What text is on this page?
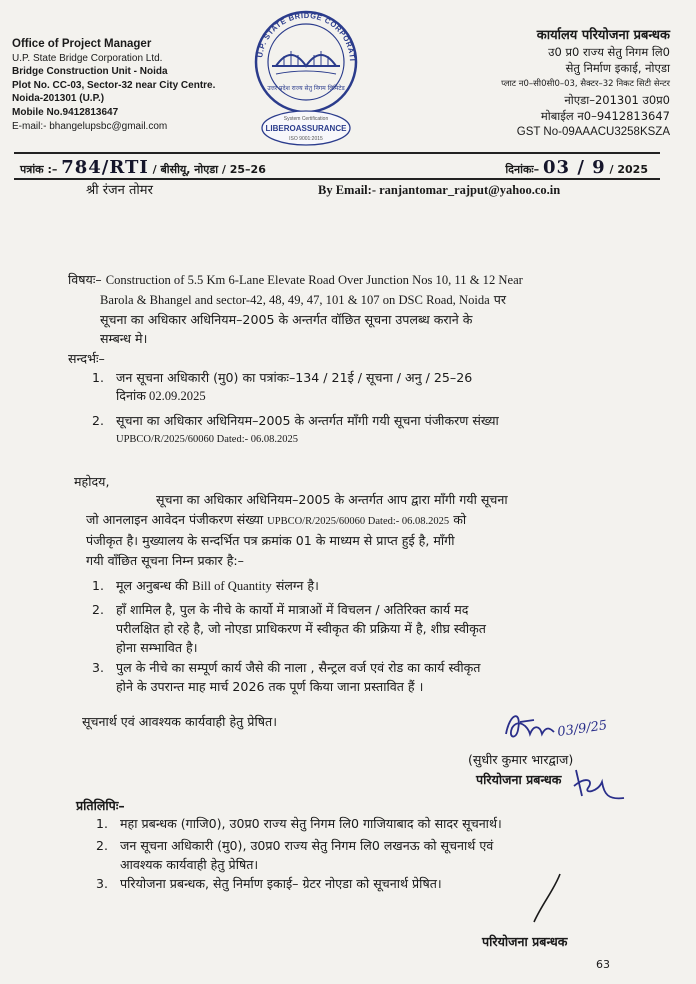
Office of Project Manager
U.P. State Bridge Corporation Ltd.
Bridge Construction Unit - Noida
Plot No. CC-03, Sector-32 near City Centre.
Noida-201301 (U.P.)
Mobile No.9412813647
E-mail:- bhangelupsbc@gmail.com
U.P. STATE BRIDGE CORPORATI
उत्तर प्रदेश राज्य सेतु निगम लिमिटेड
System Certification
LIBEROASSURANCE
ISO 9001:2015
कार्यालय परियोजना प्रबन्धक
उ0 प्र0 राज्य सेतु निगम लि0
सेतु निर्माण इकाई, नोएडा
प्लाट न0–सी0सी0–03, सैक्टर–32 निकट सिटी सेन्टर
नोएडा–201301 उ0प्र0
मोबाईल न0–9412813647
GST No-09AAACU3258KSZA
पत्रांक :– 784/RTI / बीसीयू, नोएडा / 25–26	दिनांकः– 03 / 9 / 2025
श्री रंजन तोमर	By Email:- ranjantomar_rajput@yahoo.co.in
विषयः– Construction of 5.5 Km 6-Lane Elevate Road Over Junction Nos 10, 11 & 12 Near
Barola & Bhangel and sector-42, 48, 49, 47, 101 & 107 on DSC Road, Noida पर
सूचना का अधिकार अधिनियम–2005 के अन्तर्गत वॉछित सूचना उपलब्ध कराने के
सम्बन्ध मे।
सन्दर्भः–
1. जन सूचना अधिकारी (मु0) का पत्रांकः–134 / 21ई / सूचना / अनु / 25–26
दिनांक 02.09.2025
2. सूचना का अधिकार अधिनियम–2005 के अन्तर्गत माँगी गयी सूचना पंजीकरण संख्या
UPBCO/R/2025/60060 Dated:- 06.08.2025
महोदय,
सूचना का अधिकार अधिनियम–2005 के अन्तर्गत आप द्वारा माँगी गयी सूचना
जो आनलाइन आवेदन पंजीकरण संख्या UPBCO/R/2025/60060 Dated:- 06.08.2025 को
पंजीकृत है। मुख्यालय के सन्दर्भित पत्र क्रमांक 01 के माध्यम से प्राप्त हुई है, माँगी
गयी वाँछित सूचना निम्न प्रकार है:–
1. मूल अनुबन्ध की Bill of Quantity संलग्न है।
2. हाँ शामिल है, पुल के नीचे के कार्यो में मात्राओं में विचलन / अतिरिक्त कार्य मद
परीलक्षित हो रहे है, जो नोएडा प्राधिकरण में स्वीकृत की प्रक्रिया में है, शीघ्र स्वीकृत
होना सम्भावित है।
3. पुल के नीचे का सम्पूर्ण कार्य जैसे की नाला , सैन्ट्रल वर्ज एवं रोड का कार्य स्वीकृत
होने के उपरान्त माह मार्च 2026 तक पूर्ण किया जाना प्रस्तावित हैं ।
सूचनार्थ एवं आवश्यक कार्यवाही हेतु प्रेषित।	03/9/25
(सुधीर कुमार भारद्वाज)
परियोजना प्रबन्धक
प्रतिलिपिः–
1. महा प्रबन्धक (गाजि0), उ0प्र0 राज्य सेतु निगम लि0 गाजियाबाद को सादर सूचनार्थ।
2. जन सूचना अधिकारी (मु0), उ0प्र0 राज्य सेतु निगम लि0 लखनऊ को सूचनार्थ एवं
आवश्यक कार्यवाही हेतु प्रेषित।
3. परियोजना प्रबन्धक, सेतु निर्माण इकाई– ग्रेटर नोएडा को सूचनार्थ प्रेषित।
परियोजना प्रबन्धक
63
